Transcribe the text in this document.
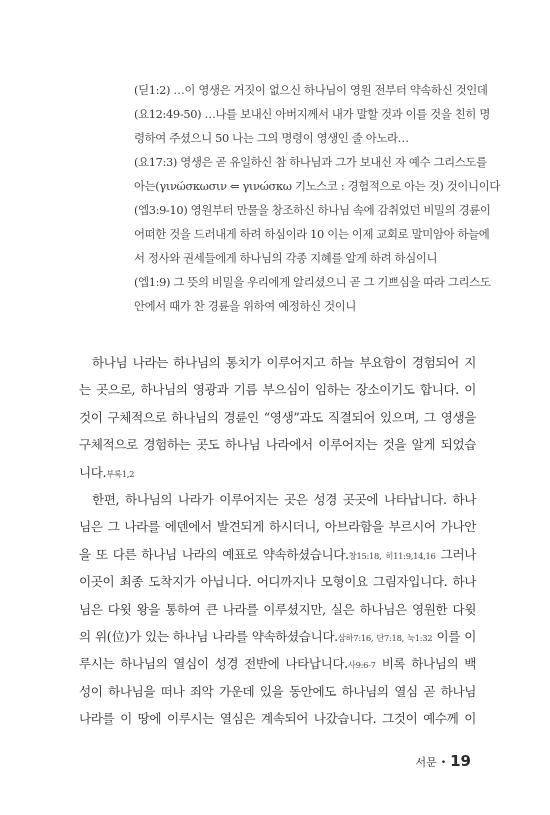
(딛1:2) …이 영생은 거짓이 없으신 하나님이 영원 전부터 약속하신 것인데
(요12:49-50) …나를 보내신 아버지께서 내가 말할 것과 이를 것을 친히 명
령하여 주셨으니 50 나는 그의 명령이 영생인 줄 아노라…
(요17:3) 영생은 곧 유일하신 참 하나님과 그가 보내신 자 예수 그리스도를
아는(γινώσκωσιν ⇐ γινώσκω 기노스코 : 경험적으로 아는 것) 것이니이다
(엡3:9-10) 영원부터 만물을 창조하신 하나님 속에 감취었던 비밀의 경륜이
어떠한 것을 드러내게 하려 하심이라 10 이는 이제 교회로 말미암아 하늘에
서 정사와 권세들에게 하나님의 각종 지혜를 알게 하려 하심이니
(엡1:9) 그 뜻의 비밀을 우리에게 알리셨으니 곧 그 기쁘심을 따라 그리스도
안에서 때가 찬 경륜을 위하여 예정하신 것이니
하나님 나라는 하나님의 통치가 이루어지고 하늘 부요함이 경험되어 지
는 곳으로, 하나님의 영광과 기름 부으심이 임하는 장소이기도 합니다. 이
것이 구체적으로 하나님의 경륜인 “영생”과도 직결되어 있으며, 그 영생을
구체적으로 경험하는 곳도 하나님 나라에서 이루어지는 것을 알게 되었습
니다.부록1,2
한편, 하나님의 나라가 이루어지는 곳은 성경 곳곳에 나타납니다. 하나
님은 그 나라를 에덴에서 발견되게 하시더니, 아브라함을 부르시어 가나안
을 또 다른 하나님 나라의 예표로 약속하셨습니다.창15:18, 히11:9,14,16 그러나
이곳이 최종 도착지가 아닙니다. 어디까지나 모형이요 그림자입니다. 하나
님은 다윗 왕을 통하여 큰 나라를 이루셨지만, 실은 하나님은 영원한 다윗
의 위(位)가 있는 하나님 나라를 약속하셨습니다.삼하7:16, 단7:18, 눅1:32 이를 이
루시는 하나님의 열심이 성경 전반에 나타납니다.사9:6-7 비록 하나님의 백
성이 하나님을 떠나 죄악 가운데 있을 동안에도 하나님의 열심 곧 하나님
나라를 이 땅에 이루시는 열심은 계속되어 나갔습니다. 그것이 예수께 이
서문 • 19
